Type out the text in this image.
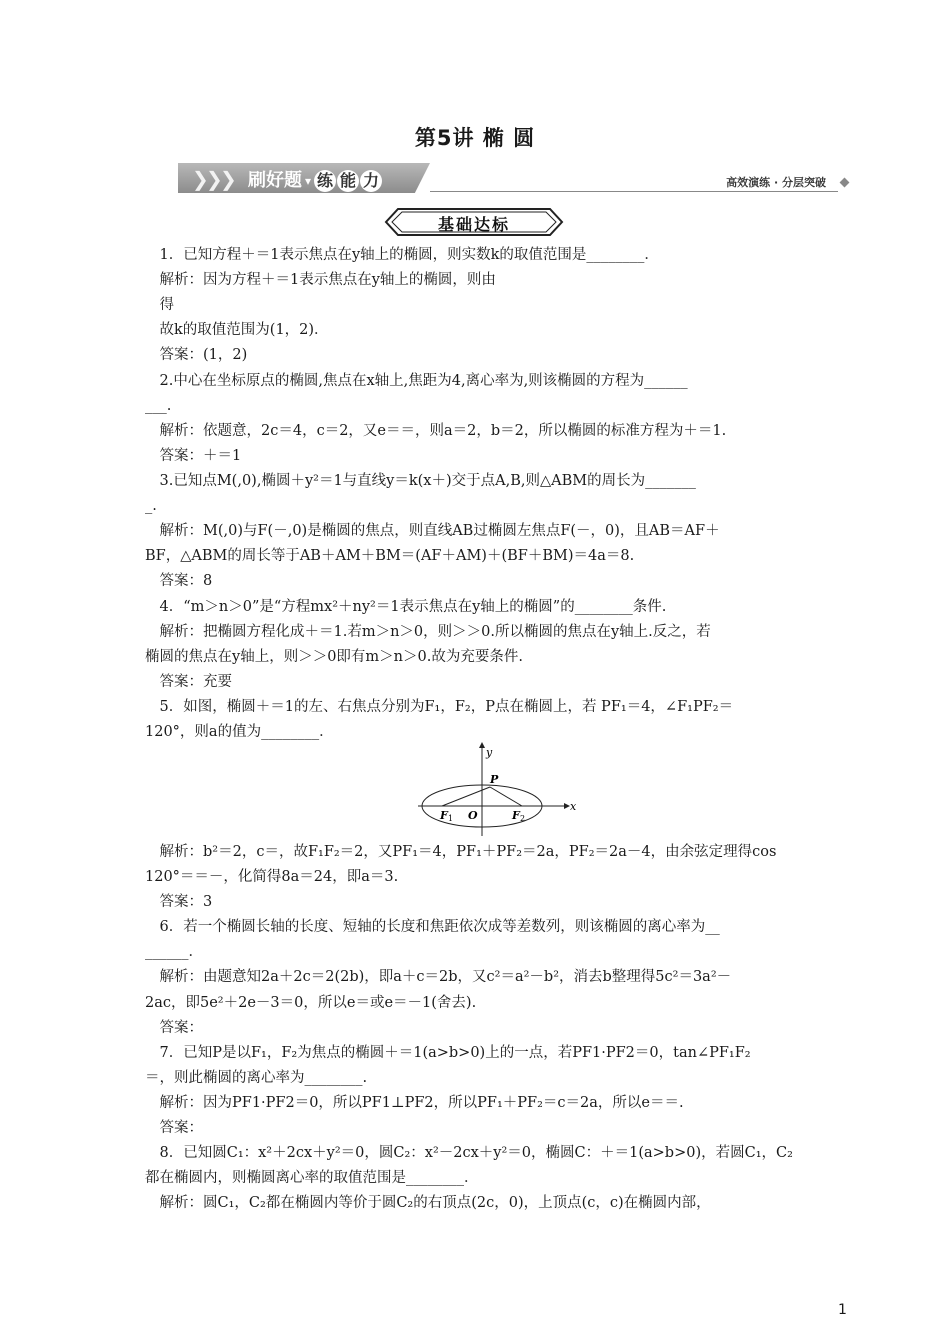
第5讲 椭 圆
❯
❯
❯ 刷好题 ▾ 练 能 力	高效演练 · 分层突破
基础达标
　1．已知方程＋＝1表示焦点在y轴上的椭圆，则实数k的取值范围是________．
　解析：因为方程＋＝1表示焦点在y轴上的椭圆，则由
　得
　故k的取值范围为(1，2)．
　答案：(1，2)
　2.中心在坐标原点的椭圆,焦点在x轴上,焦距为4,离心率为,则该椭圆的方程为______
___.
　解析：依题意，2c＝4，c＝2，又e＝＝，则a＝2，b＝2，所以椭圆的标准方程为＋＝1.
　答案：＋＝1
　3.已知点M(,0),椭圆＋y²＝1与直线y＝k(x＋)交于点A,B,则△ABM的周长为_______
_.
　解析：M(,0)与F(－,0)是椭圆的焦点，则直线AB过椭圆左焦点F(－，0)，且AB＝AF＋
BF，△ABM的周长等于AB＋AM＋BM＝(AF＋AM)＋(BF＋BM)＝4a＝8.
　答案：8
　4．“m＞n＞0”是“方程mx²＋ny²＝1表示焦点在y轴上的椭圆”的________条件.
　解析：把椭圆方程化成＋＝1.若m＞n＞0，则＞＞0.所以椭圆的焦点在y轴上.反之，若
椭圆的焦点在y轴上，则＞＞0即有m＞n＞0.故为充要条件.
　答案：充要
　5．如图，椭圆＋＝1的左、右焦点分别为F₁，F₂，P点在椭圆上，若 PF₁＝4，∠F₁PF₂＝
120°，则a的值为________．
y
x
P
O
F 1	F 2
　解析：b²＝2，c＝，故F₁F₂＝2，又PF₁＝4，PF₁＋PF₂＝2a，PF₂＝2a－4，由余弦定理得cos
120°＝＝－，化简得8a＝24，即a＝3.
　答案：3
　6．若一个椭圆长轴的长度、短轴的长度和焦距依次成等差数列，则该椭圆的离心率为__
______．
　解析：由题意知2a＋2c＝2(2b)，即a＋c＝2b，又c²＝a²－b²，消去b整理得5c²＝3a²－
2ac，即5e²＋2e－3＝0，所以e＝或e＝－1(舍去).
　答案：
　7．已知P是以F₁，F₂为焦点的椭圆＋＝1(a>b>0)上的一点，若PF1·PF2＝0，tan∠PF₁F₂
＝，则此椭圆的离心率为________.
　解析：因为PF1·PF2＝0，所以PF1⊥PF2，所以PF₁＋PF₂＝c＝2a，所以e＝＝.
　答案：
　8．已知圆C₁：x²＋2cx＋y²＝0，圆C₂：x²－2cx＋y²＝0，椭圆C：＋＝1(a>b>0)，若圆C₁，C₂
都在椭圆内，则椭圆离心率的取值范围是________．
　解析：圆C₁，C₂都在椭圆内等价于圆C₂的右顶点(2c，0)，上顶点(c，c)在椭圆内部，
1
